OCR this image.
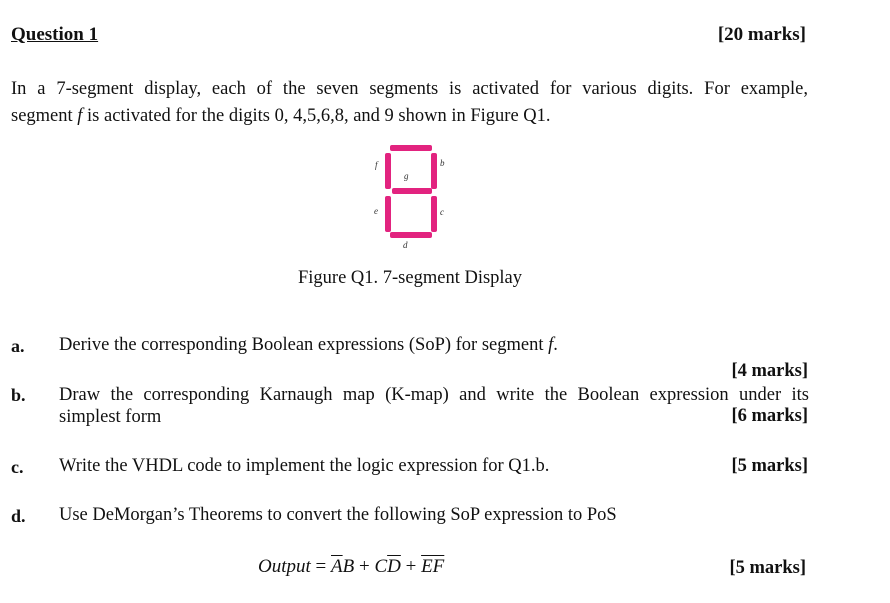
Question 1	[20 marks]

In a 7-segment display, each of the seven segments is activated for various digits. For example,

segment f is activated for the digits 0, 4,5,6,8, and 9 shown in Figure Q1.

f	b
g
e	c
d
Figure Q1. 7-segment Display
a. Derive the corresponding Boolean expressions (SoP) for segment f.
[4 marks]
b. Draw the corresponding Karnaugh map (K-map) and write the Boolean expression under its
simplest form	[6 marks]
c. Write the VHDL code to implement the logic expression for Q1.b.	[5 marks]
d. Use DeMorgan’s Theorems to convert the following SoP expression to PoS
Output = $\overline{A}B + C\overline{D} + \overline{EF}$	[5 marks]
